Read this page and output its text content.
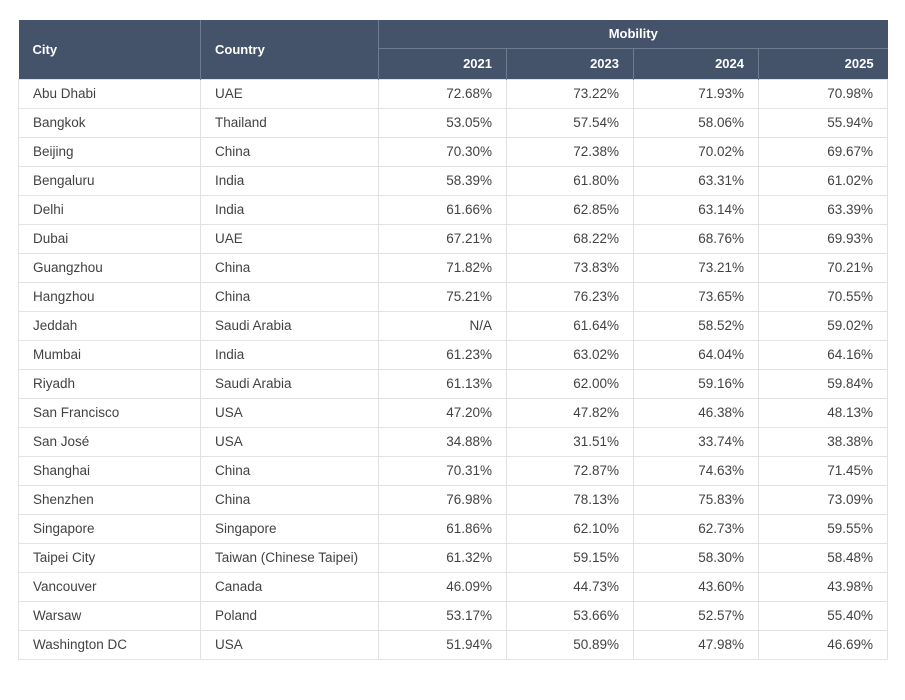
City	Country	Mobility			
		2021	2023	2024	2025
Abu Dhabi	UAE	72.68%	73.22%	71.93%	70.98%
Bangkok	Thailand	53.05%	57.54%	58.06%	55.94%
Beijing	China	70.30%	72.38%	70.02%	69.67%
Bengaluru	India	58.39%	61.80%	63.31%	61.02%
Delhi	India	61.66%	62.85%	63.14%	63.39%
Dubai	UAE	67.21%	68.22%	68.76%	69.93%
Guangzhou	China	71.82%	73.83%	73.21%	70.21%
Hangzhou	China	75.21%	76.23%	73.65%	70.55%
Jeddah	Saudi Arabia	N/A	61.64%	58.52%	59.02%
Mumbai	India	61.23%	63.02%	64.04%	64.16%
Riyadh	Saudi Arabia	61.13%	62.00%	59.16%	59.84%
San Francisco	USA	47.20%	47.82%	46.38%	48.13%
San José	USA	34.88%	31.51%	33.74%	38.38%
Shanghai	China	70.31%	72.87%	74.63%	71.45%
Shenzhen	China	76.98%	78.13%	75.83%	73.09%
Singapore	Singapore	61.86%	62.10%	62.73%	59.55%
Taipei City	Taiwan (Chinese Taipei)	61.32%	59.15%	58.30%	58.48%
Vancouver	Canada	46.09%	44.73%	43.60%	43.98%
Warsaw	Poland	53.17%	53.66%	52.57%	55.40%
Washington DC	USA	51.94%	50.89%	47.98%	46.69%
